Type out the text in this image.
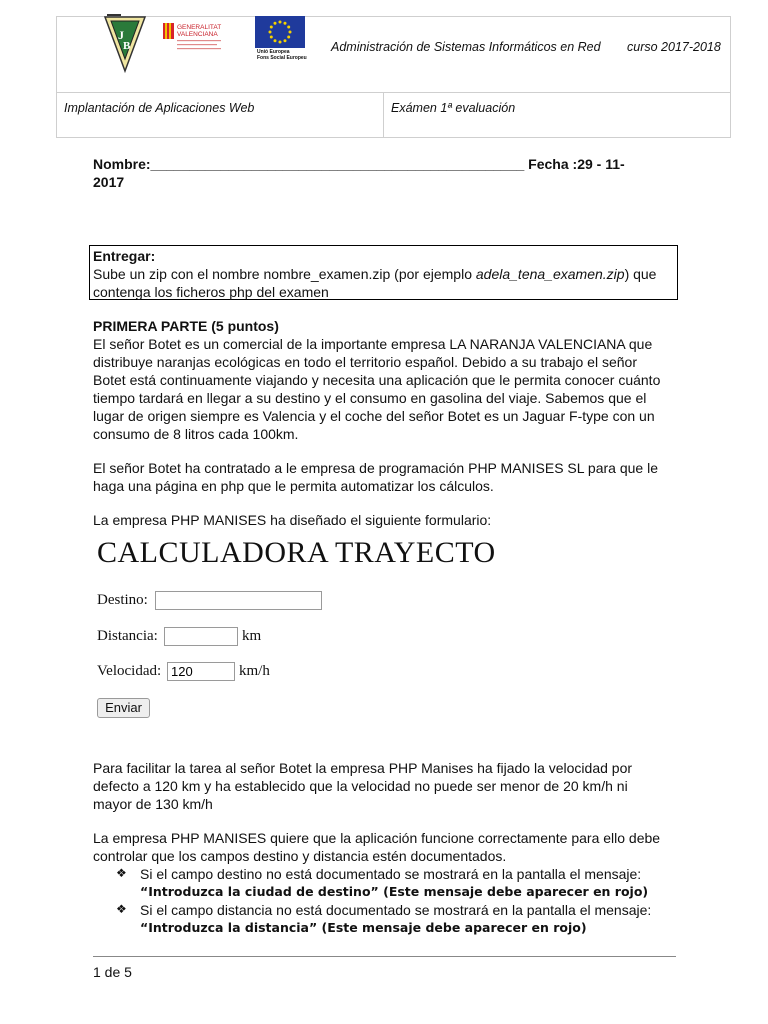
J
B
GENERALITAT
VALENCIANA
Unió Europea
Fons Social Europeu
Administración de Sistemas Informáticos en Red curso 2017-2018
Implantación de Aplicaciones Web	Exámen 1ª evaluación
Nombre:________________________________________________ Fecha :29 - 11-
2017
Entregar:
Sube un zip con el nombre nombre_examen.zip (por ejemplo adela_tena_examen.zip) que
contenga los ficheros php del examen
PRIMERA PARTE (5 puntos)
El señor Botet es un comercial de la importante empresa LA NARANJA VALENCIANA que
distribuye naranjas ecológicas en todo el territorio español. Debido a su trabajo el señor
Botet está continuamente viajando y necesita una aplicación que le permita conocer cuánto
tiempo tardará en llegar a su destino y el consumo en gasolina del viaje. Sabemos que el
lugar de origen siempre es Valencia y el coche del señor Botet es un Jaguar F-type con un
consumo de 8 litros cada 100km.
El señor Botet ha contratado a le empresa de programación PHP MANISES SL para que le
haga una página en php que le permita automatizar los cálculos.
La empresa PHP MANISES ha diseñado el siguiente formulario:
CALCULADORA TRAYECTO
Destino:
Distancia:	km
Velocidad:
120	km/h
Enviar
Para facilitar la tarea al señor Botet la empresa PHP Manises ha fijado la velocidad por
defecto a 120 km y ha establecido que la velocidad no puede ser menor de 20 km/h ni
mayor de 130 km/h
La empresa PHP MANISES quiere que la aplicación funcione correctamente para ello debe
controlar que los campos destino y distancia estén documentados.
❖ Si el campo destino no está documentado se mostrará en la pantalla el mensaje:
“Introduzca la ciudad de destino” (Este mensaje debe aparecer en rojo)
❖ Si el campo distancia no está documentado se mostrará en la pantalla el mensaje:
“Introduzca la distancia” (Este mensaje debe aparecer en rojo)
1 de 5
